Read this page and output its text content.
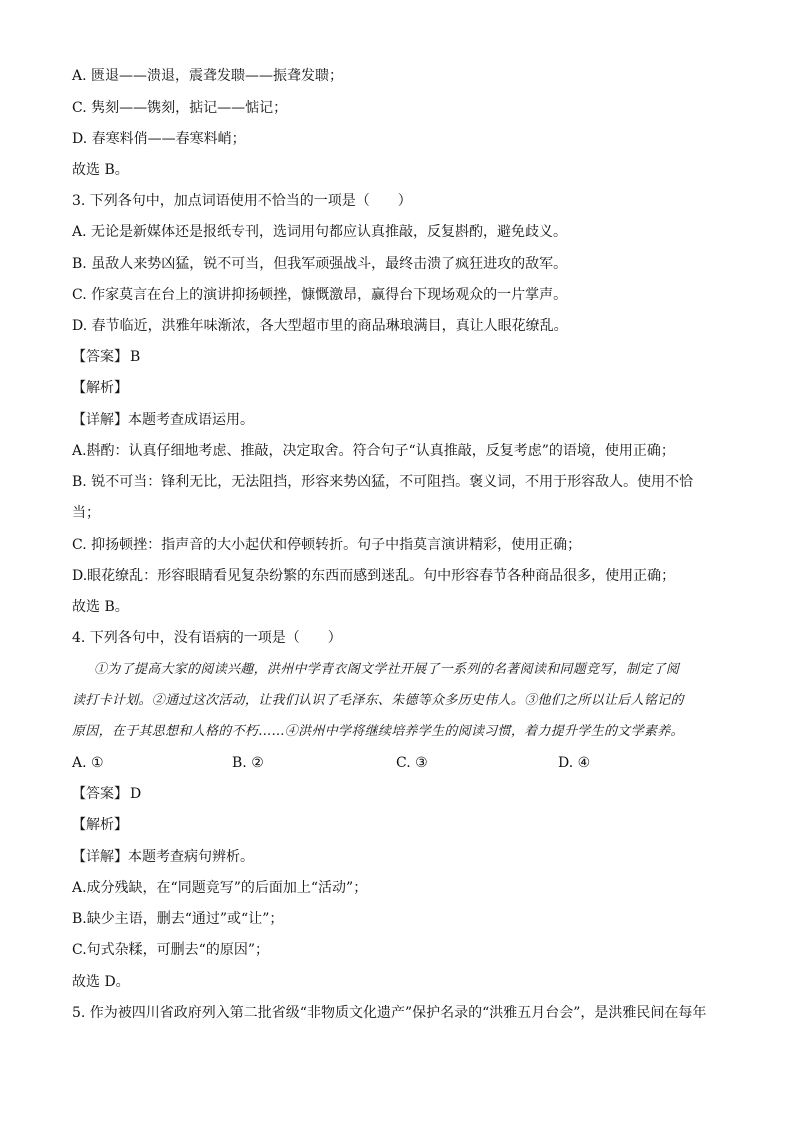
A. 匮退——溃退，震聋发聩——振聋发聩；
C. 隽刻——镌刻，掂记——惦记；
D. 春寒料俏——春寒料峭；
故选 B。
3. 下列各句中，加点词语使用不恰当的一项是（　　）
A. 无论是新媒体还是报纸专刊，选词用句都应认真推敲，反复斟酌，避免歧义。
B. 虽敌人来势凶猛，锐不可当，但我军顽强战斗，最终击溃了疯狂进攻的敌军。
C. 作家莫言在台上的演讲抑扬顿挫，慷慨激昂，赢得台下现场观众的一片掌声。
D. 春节临近，洪雅年味渐浓，各大型超市里的商品琳琅满目，真让人眼花缭乱。
【答案】 B
【解析】
【详解】本题考查成语运用。
A.斟酌：认真仔细地考虑、推敲，决定取舍。符合句子“认真推敲，反复考虑”的语境，使用正确；
B. 锐不可当：锋利无比，无法阻挡，形容来势凶猛，不可阻挡。褒义词，不用于形容敌人。使用不恰
当；
C. 抑扬顿挫：指声音的大小起伏和停顿转折。句子中指莫言演讲精彩，使用正确；
D.眼花缭乱：形容眼睛看见复杂纷繁的东西而感到迷乱。句中形容春节各种商品很多，使用正确；
故选 B。
4. 下列各句中，没有语病的一项是（　　）
①为了提高大家的阅读兴趣，洪州中学青衣阁文学社开展了一系列的名著阅读和同题竞写，制定了阅
读打卡计划。②通过这次活动，让我们认识了毛泽东、朱德等众多历史伟人。③他们之所以让后人铭记的
原因，在于其思想和人格的不朽……④洪州中学将继续培养学生的阅读习惯，着力提升学生的文学素养。
A. ①	B. ②	C. ③	D. ④
【答案】 D
【解析】
【详解】本题考查病句辨析。
A.成分残缺，在“同题竞写”的后面加上“活动”；
B.缺少主语，删去“通过”或“让”；
C.句式杂糅，可删去“的原因”；
故选 D。
5. 作为被四川省政府列入第二批省级“非物质文化遗产”保护名录的“洪雅五月台会”，是洪雅民间在每年
